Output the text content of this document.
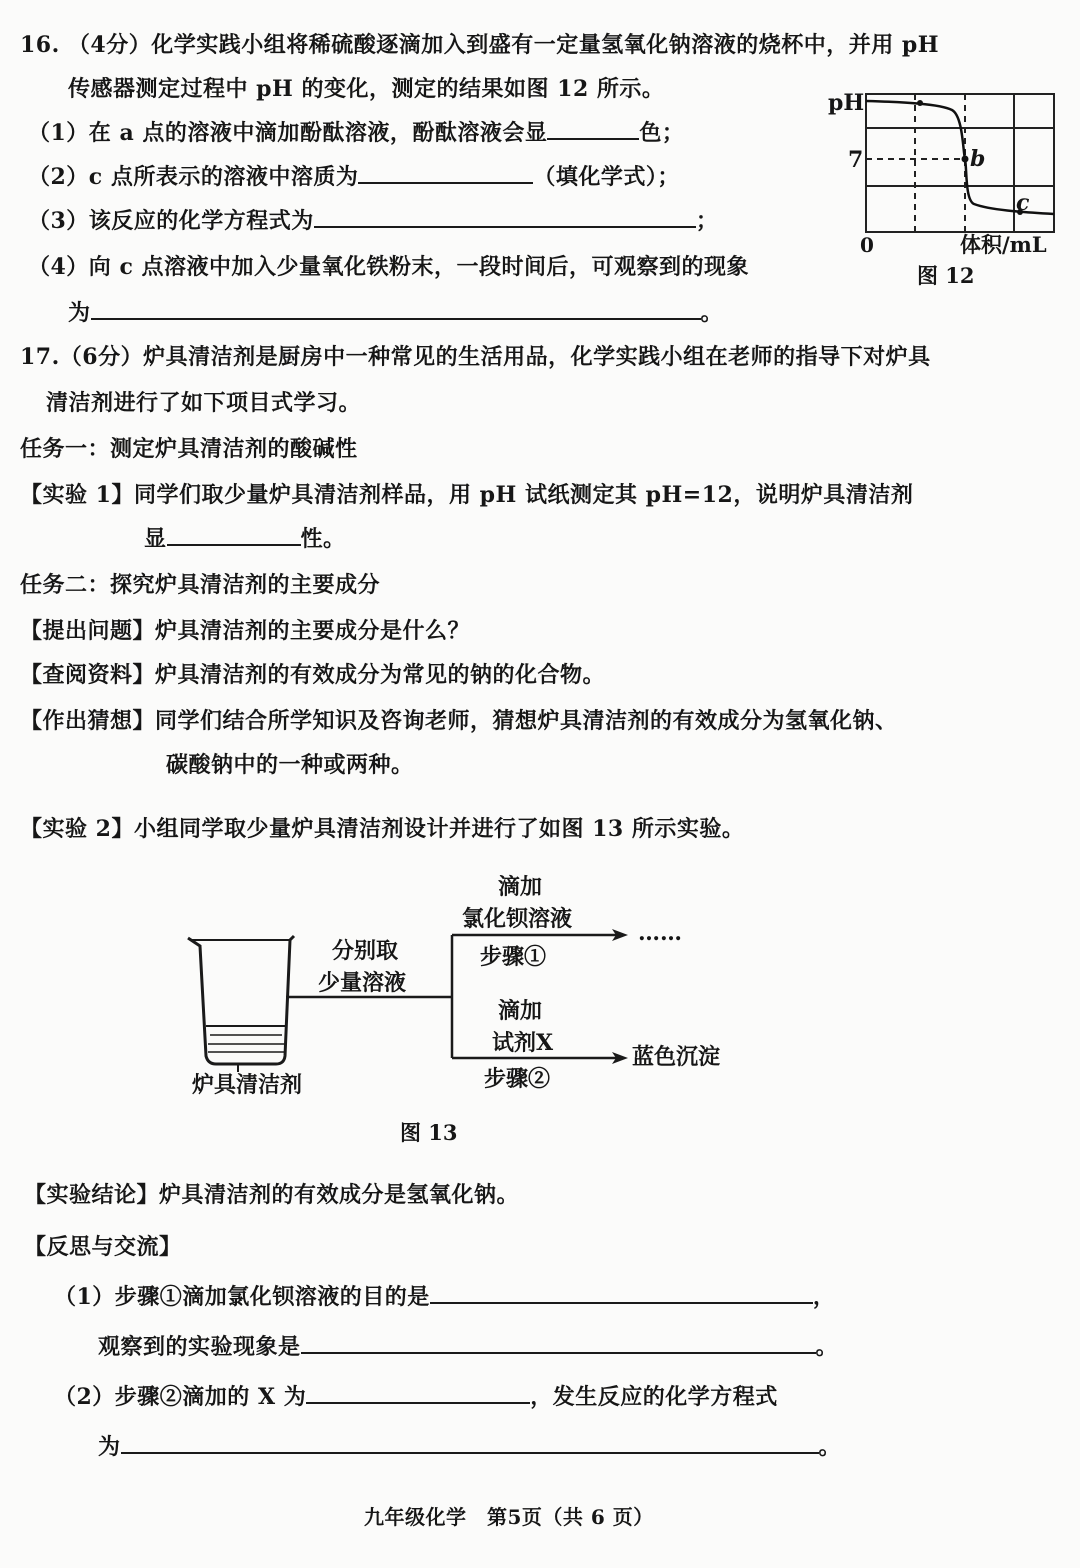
16. （4分）化学实践小组将稀硫酸逐滴加入到盛有一定量氢氧化钠溶液的烧杯中，并用 pH
传感器测定过程中 pH 的变化，测定的结果如图 12 所示。
（1）在 a 点的溶液中滴加酚酞溶液，酚酞溶液会显	色；
（2）c 点所表示的溶液中溶质为	（填化学式）；
（3）该反应的化学方程式为	；
（4）向 c 点溶液中加入少量氧化铁粉末，一段时间后，可观察到的现象
为	。
pH
7
0
b
c
体积/mL
图 12
17.（6分）炉具清洁剂是厨房中一种常见的生活用品，化学实践小组在老师的指导下对炉具
清洁剂进行了如下项目式学习。
任务一：测定炉具清洁剂的酸碱性
【实验 1】同学们取少量炉具清洁剂样品，用 pH 试纸测定其 pH=12，说明炉具清洁剂
显	性。
任务二：探究炉具清洁剂的主要成分
【提出问题】炉具清洁剂的主要成分是什么？
【查阅资料】炉具清洁剂的有效成分为常见的钠的化合物。
【作出猜想】同学们结合所学知识及咨询老师，猜想炉具清洁剂的有效成分为氢氧化钠、
碳酸钠中的一种或两种。
【实验 2】小组同学取少量炉具清洁剂设计并进行了如图 13 所示实验。
分别取
少量溶液
滴加
氯化钡溶液
步骤①
……
滴加
试剂X
步骤②
蓝色沉淀
炉具清洁剂
图 13
【实验结论】炉具清洁剂的有效成分是氢氧化钠。
【反思与交流】
（1）步骤①滴加氯化钡溶液的目的是	，
观察到的实验现象是	。
（2）步骤②滴加的 X 为	，发生反应的化学方程式
为	。
九年级化学　第5页（共 6 页）
